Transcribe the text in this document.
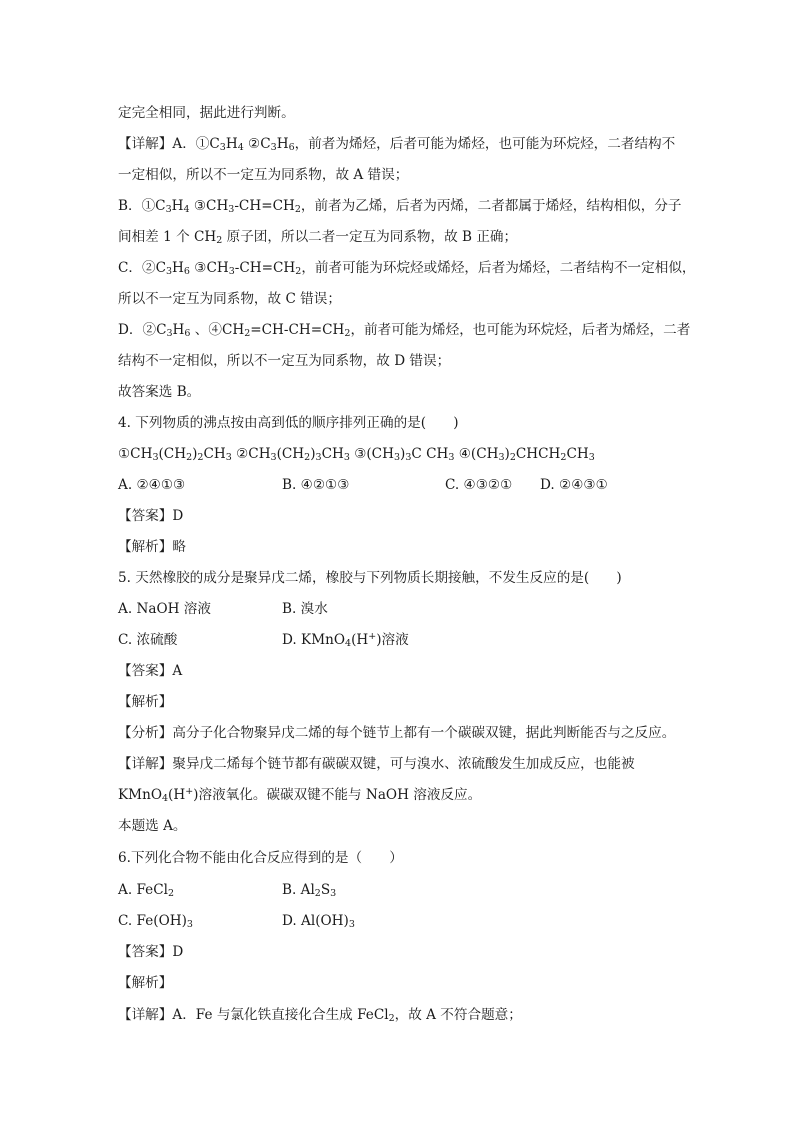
定完全相同，据此进行判断。
【详解】A．$①C_3H_4$ $②C_3H_6$，前者为烯烃，后者可能为烯烃，也可能为环烷烃，二者结构不
一定相似，所以不一定互为同系物，故 A 错误；
B．$①C_3H_4$ $③CH_3-CH=CH_2$，前者为乙烯，后者为丙烯，二者都属于烯烃，结构相似，分子
间相差 1 个 $CH_2$ 原子团，所以二者一定互为同系物，故 B 正确；
C．$②C_3H_6$ $③CH_3-CH=CH_2$，前者可能为环烷烃或烯烃，后者为烯烃，二者结构不一定相似，
所以不一定互为同系物，故 C 错误；
D．$②C_3H_6$ 、$④CH_2=CH-CH=CH_2$，前者可能为烯烃，也可能为环烷烃，后者为烯烃，二者
结构不一定相似，所以不一定互为同系物，故 D 错误；
故答案选 B。
4. 下列物质的沸点按由高到低的顺序排列正确的是(　　)
$①CH_3(CH_2)_2CH_3$ $②CH_3(CH_2)_3CH_3$ $③(CH_3)_3C$ $CH_3$ $④(CH_3)_2CHCH_2CH_3$
A. ②④①③	B. ④②①③	C. ④③②① D. ②④③①
【答案】D
【解析】略
5. 天然橡胶的成分是聚异戊二烯，橡胶与下列物质长期接触，不发生反应的是(　　)
A. NaOH 溶液	B. 溴水
C. 浓硫酸	D. KMnO$_4$(H+)溶液
【答案】A
【解析】
【分析】高分子化合物聚异戊二烯的每个链节上都有一个碳碳双键，据此判断能否与之反应。
【详解】聚异戊二烯每个链节都有碳碳双键，可与溴水、浓硫酸发生加成反应，也能被
KMnO$_4$(H+)溶液氧化。碳碳双键不能与 NaOH 溶液反应。
本题选 A。
6.下列化合物不能由化合反应得到的是（　　）
A. FeCl$_2$	B. $Al_2S_3$
C. $Fe(OH)_3$	D. $Al(OH)_3$
【答案】D
【解析】
【详解】A．Fe 与氯化铁直接化合生成 FeCl$_2$，故 A 不符合题意；
